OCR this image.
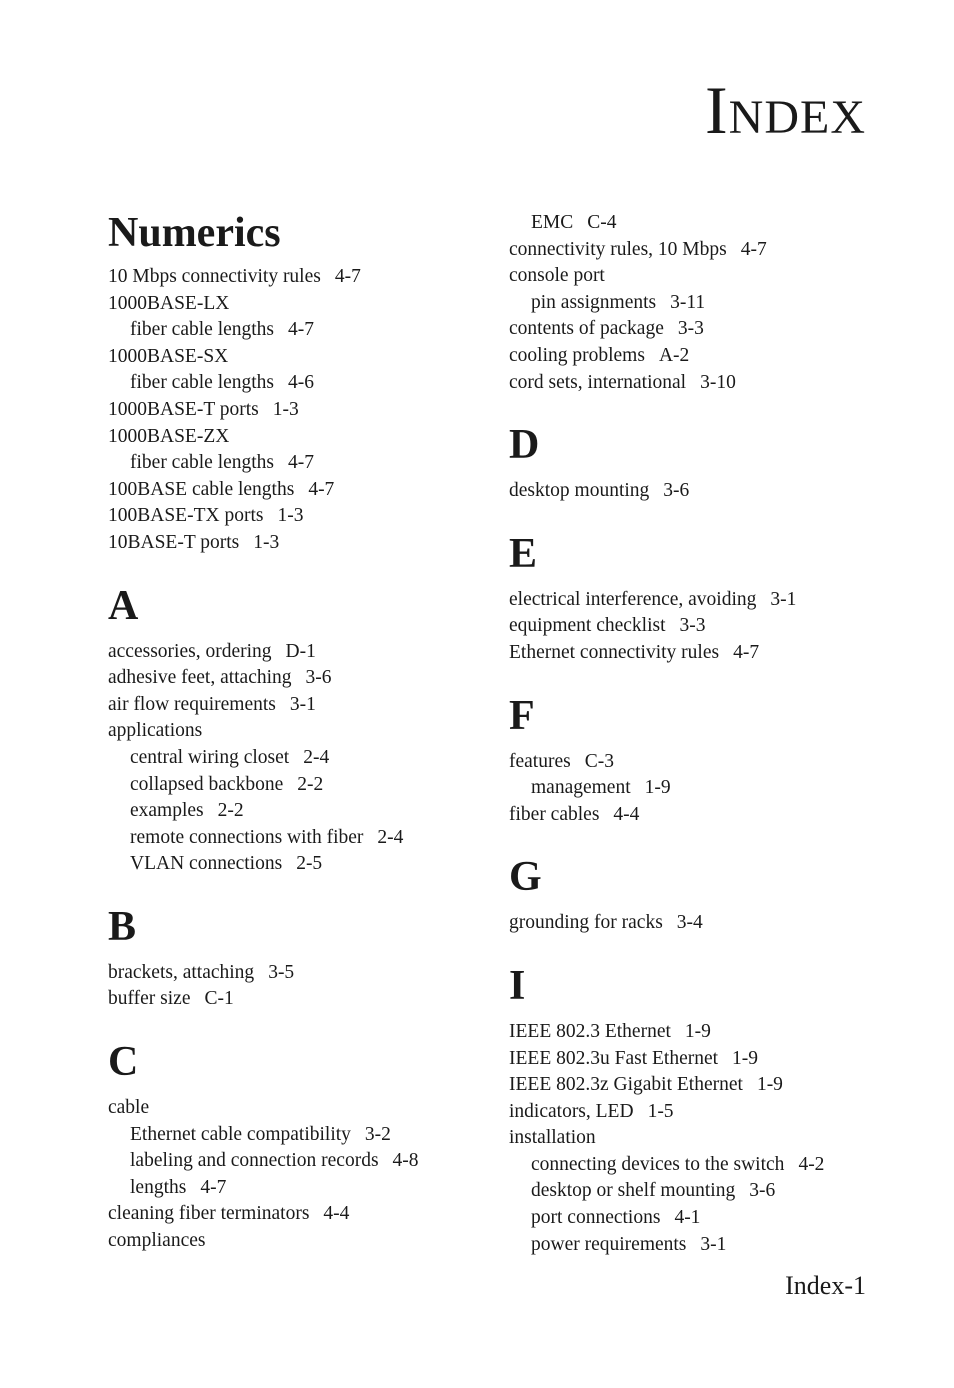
Index
Numerics
10 Mbps connectivity rules 4-7
1000BASE-LX
fiber cable lengths 4-7
1000BASE-SX
fiber cable lengths 4-6
1000BASE-T ports 1-3
1000BASE-ZX
fiber cable lengths 4-7
100BASE cable lengths 4-7
100BASE-TX ports 1-3
10BASE-T ports 1-3
A
accessories, ordering D-1
adhesive feet, attaching 3-6
air flow requirements 3-1
applications
central wiring closet 2-4
collapsed backbone 2-2
examples 2-2
remote connections with fiber 2-4
VLAN connections 2-5
B
brackets, attaching 3-5
buffer size C-1
C
cable
Ethernet cable compatibility 3-2
labeling and connection records 4-8
lengths 4-7
cleaning fiber terminators 4-4
compliances
EMC C-4
connectivity rules, 10 Mbps 4-7
console port
pin assignments 3-11
contents of package 3-3
cooling problems A-2
cord sets, international 3-10
D
desktop mounting 3-6
E
electrical interference, avoiding 3-1
equipment checklist 3-3
Ethernet connectivity rules 4-7
F
features C-3
management 1-9
fiber cables 4-4
G
grounding for racks 3-4
I
IEEE 802.3 Ethernet 1-9
IEEE 802.3u Fast Ethernet 1-9
IEEE 802.3z Gigabit Ethernet 1-9
indicators, LED 1-5
installation
connecting devices to the switch 4-2
desktop or shelf mounting 3-6
port connections 4-1
power requirements 3-1
Index-1
